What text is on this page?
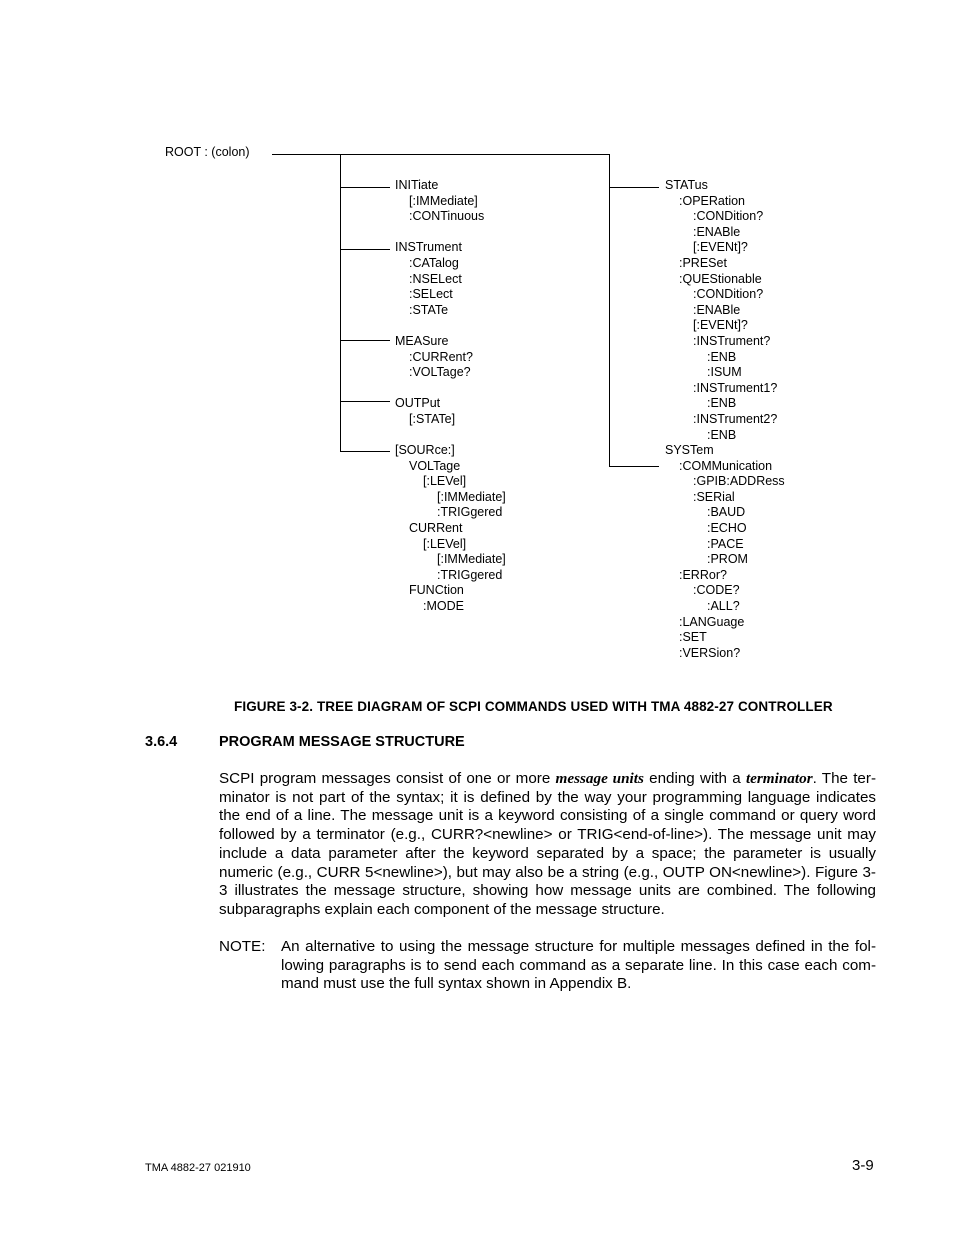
ROOT : (colon)
INITiate
[:IMMediate]
:CONTinuous
INSTrument
:CATalog
:NSELect
:SELect
:STATe
MEASure
:CURRent?
:VOLTage?
OUTPut
[:STATe]
[SOURce:]
VOLTage
[:LEVel]
[:IMMediate]
:TRIGgered
CURRent
[:LEVel]
[:IMMediate]
:TRIGgered
FUNCtion
:MODE
STATus
:OPERation
:CONDition?
:ENABle
[:EVENt]?
:PRESet
:QUEStionable
:CONDition?
:ENABle
[:EVENt]?
:INSTrument?
:ENB
:ISUM
:INSTrument1?
:ENB
:INSTrument2?
:ENB
SYSTem
:COMMunication
:GPIB:ADDRess
:SERial
:BAUD
:ECHO
:PACE
:PROM
:ERRor?
:CODE?
:ALL?
:LANGuage
:SET
:VERSion?
FIGURE 3-2. TREE DIAGRAM OF SCPI COMMANDS USED WITH TMA 4882-27 CONTROLLER
3.6.4	PROGRAM MESSAGE STRUCTURE
SCPI program messages consist of one or more message units ending with a terminator. The terminator is not part of the syntax; it is defined by the way your programming language indicates the end of a line. The message unit is a keyword consisting of a single command or query word followed by a terminator (e.g., CURR?<newline> or TRIG<end-of-line>). The message unit may include a data parameter after the keyword separated by a space; the parameter is usually numeric (e.g., CURR 5<newline>), but may also be a string (e.g., OUTP ON<newline>). Figure 3-3 illustrates the message structure, showing how message units are combined. The following subparagraphs explain each component of the message structure.
NOTE: An alternative to using the message structure for multiple messages defined in the following paragraphs is to send each command as a separate line. In this case each command must use the full syntax shown in Appendix B.
TMA 4882-27 021910	3-9
